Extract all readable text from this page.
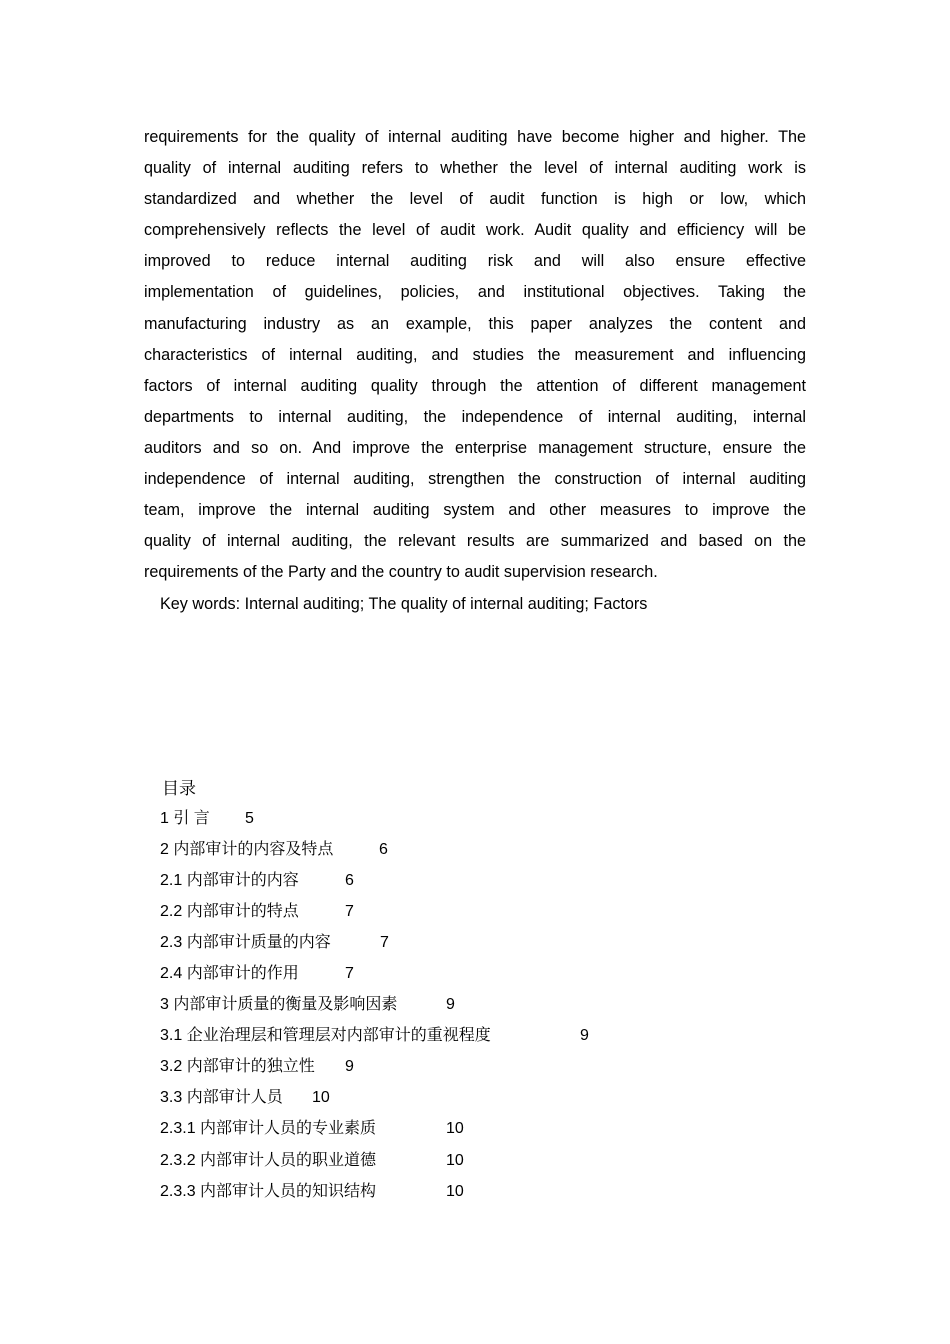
requirements for the quality of internal auditing have become higher and higher. The
quality of internal auditing refers to whether the level of internal auditing work is
standardized and whether the level of audit function is high or low, which
comprehensively reflects the level of audit work. Audit quality and efficiency will be
improved to reduce internal auditing risk and will also ensure effective
implementation of guidelines, policies, and institutional objectives. Taking the
manufacturing industry as an example, this paper analyzes the content and
characteristics of internal auditing, and studies the measurement and influencing
factors of internal auditing quality through the attention of different management
departments to internal auditing, the independence of internal auditing, internal
auditors and so on. And improve the enterprise management structure, ensure the
independence of internal auditing, strengthen the construction of internal auditing
team, improve the internal auditing system and other measures to improve the
quality of internal auditing, the relevant results are summarized and based on the
requirements of the Party and the country to audit supervision research.
Key words: Internal auditing; The quality of internal auditing; Factors
目录
1 引 言 5
2 内部审计的内容及特点	6
2.1 内部审计的内容	6
2.2 内部审计的特点	7
2.3 内部审计质量的内容	7
2.4 内部审计的作用	7
3 内部审计质量的衡量及影响因素	9
3.1 企业治理层和管理层对内部审计的重视程度	9
3.2 内部审计的独立性 9
3.3 内部审计人员 10
2.3.1 内部审计人员的专业素质	10
2.3.2 内部审计人员的职业道德	10
2.3.3 内部审计人员的知识结构	10
